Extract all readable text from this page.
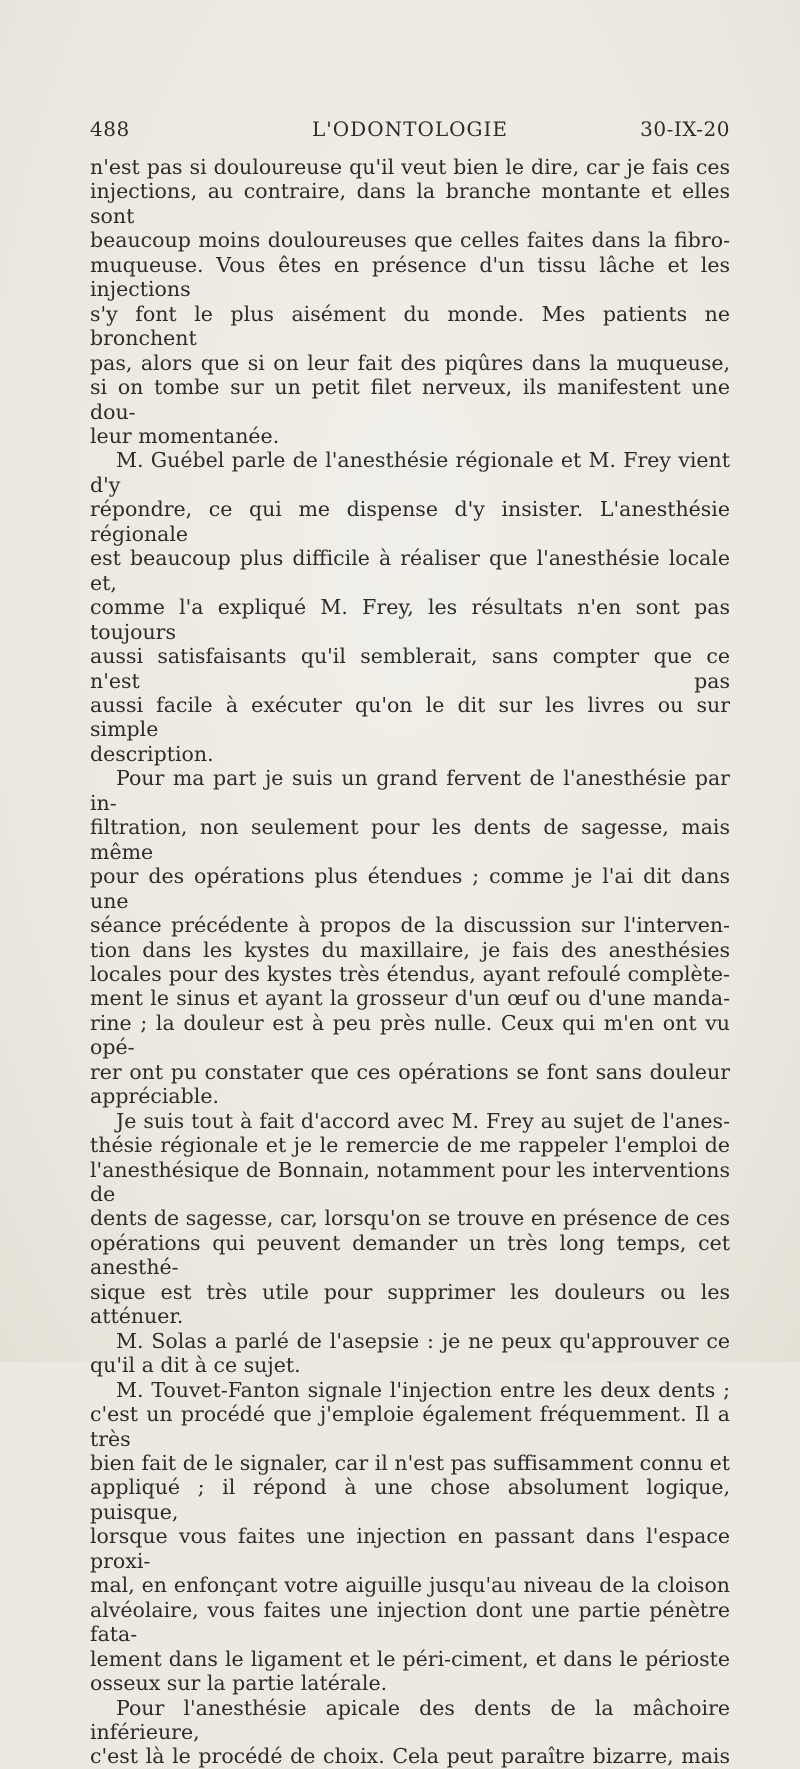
488	L'ODONTOLOGIE	30-IX-20

n'est pas si douloureuse qu'il veut bien le dire, car je fais ces

injections, au contraire, dans la branche montante et elles sont

beaucoup moins douloureuses que celles faites dans la fibro-

muqueuse. Vous êtes en présence d'un tissu lâche et les injections

s'y font le plus aisément du monde. Mes patients ne bronchent

pas, alors que si on leur fait des piqûres dans la muqueuse,

si on tombe sur un petit filet nerveux, ils manifestent une dou-

leur momentanée.

M. Guébel parle de l'anesthésie régionale et M. Frey vient d'y

répondre, ce qui me dispense d'y insister. L'anesthésie régionale

est beaucoup plus difficile à réaliser que l'anesthésie locale et,

comme l'a expliqué M. Frey, les résultats n'en sont pas toujours

aussi satisfaisants qu'il semblerait, sans compter que ce n'est pas

aussi facile à exécuter qu'on le dit sur les livres ou sur simple

description.

Pour ma part je suis un grand fervent de l'anesthésie par in-

filtration, non seulement pour les dents de sagesse, mais même

pour des opérations plus étendues ; comme je l'ai dit dans une

séance précédente à propos de la discussion sur l'interven-

tion dans les kystes du maxillaire, je fais des anesthésies

locales pour des kystes très étendus, ayant refoulé complète-

ment le sinus et ayant la grosseur d'un œuf ou d'une manda-

rine ; la douleur est à peu près nulle. Ceux qui m'en ont vu opé-

rer ont pu constater que ces opérations se font sans douleur

appréciable.

Je suis tout à fait d'accord avec M. Frey au sujet de l'anes-

thésie régionale et je le remercie de me rappeler l'emploi de

l'anesthésique de Bonnain, notamment pour les interventions de

dents de sagesse, car, lorsqu'on se trouve en présence de ces

opérations qui peuvent demander un très long temps, cet anesthé-

sique est très utile pour supprimer les douleurs ou les atténuer.

M. Solas a parlé de l'asepsie : je ne peux qu'approuver ce

qu'il a dit à ce sujet.

M. Touvet-Fanton signale l'injection entre les deux dents ;

c'est un procédé que j'emploie également fréquemment. Il a très

bien fait de le signaler, car il n'est pas suffisamment connu et

appliqué ; il répond à une chose absolument logique, puisque,

lorsque vous faites une injection en passant dans l'espace proxi-

mal, en enfonçant votre aiguille jusqu'au niveau de la cloison

alvéolaire, vous faites une injection dont une partie pénètre fata-

lement dans le ligament et le péri-ciment, et dans le périoste

osseux sur la partie latérale.

Pour l'anesthésie apicale des dents de la mâchoire inférieure,

c'est là le procédé de choix. Cela peut paraître bizarre, mais
